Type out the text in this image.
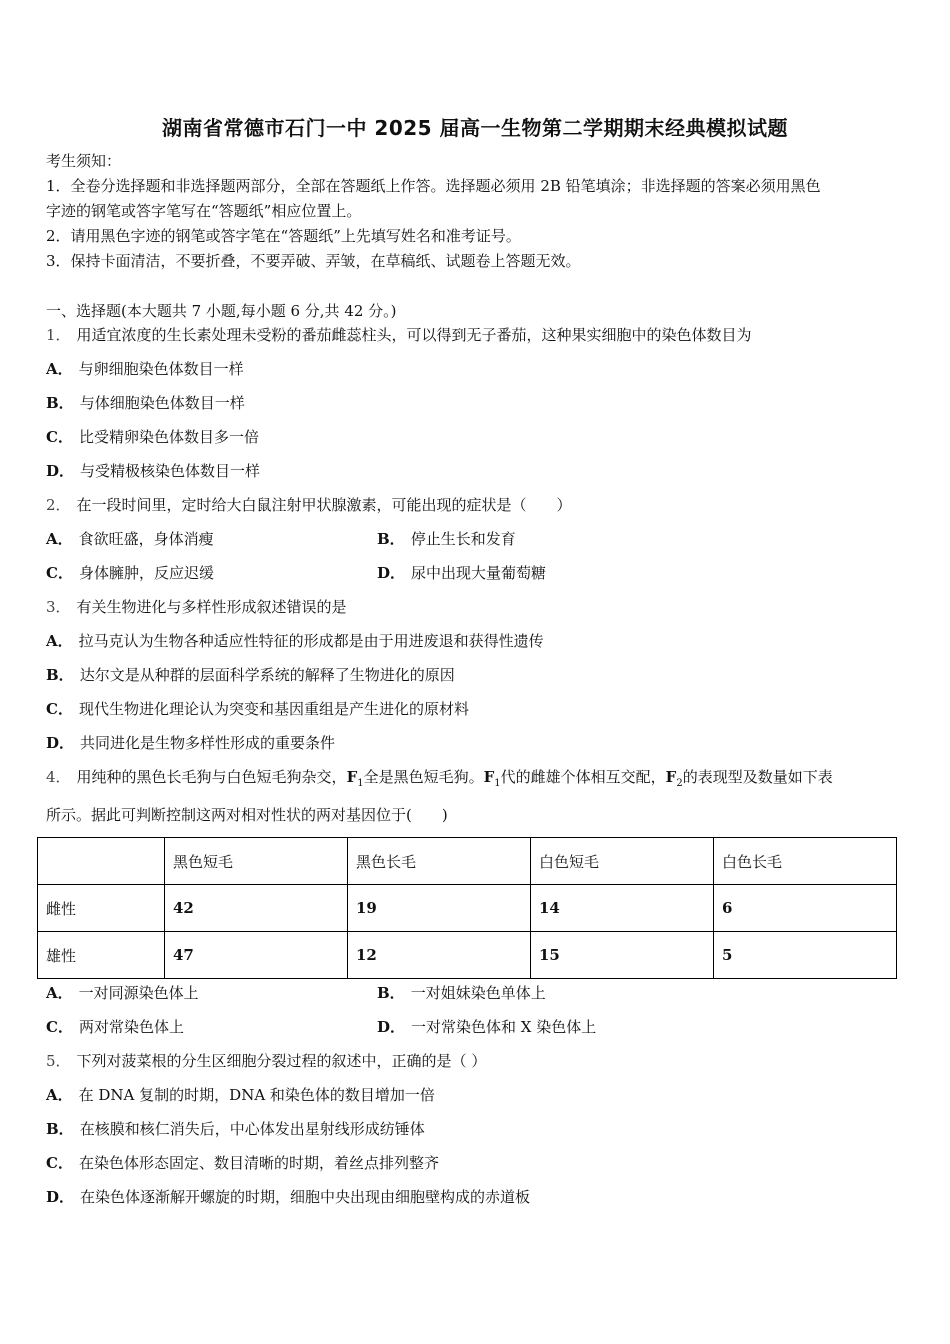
湖南省常德市石门一中 2025 届高一生物第二学期期末经典模拟试题
考生须知：
1．全卷分选择题和非选择题两部分，全部在答题纸上作答。选择题必须用 2B 铅笔填涂；非选择题的答案必须用黑色
字迹的钢笔或答字笔写在“答题纸”相应位置上。
2．请用黑色字迹的钢笔或答字笔在“答题纸”上先填写姓名和准考证号。
3．保持卡面清洁，不要折叠，不要弄破、弄皱，在草稿纸、试题卷上答题无效。
一、选择题(本大题共 7 小题,每小题 6 分,共 42 分。)
1． 用适宜浓度的生长素处理未受粉的番茄雌蕊柱头，可以得到无子番茄，这种果实细胞中的染色体数目为
A． 与卵细胞染色体数目一样
B． 与体细胞染色体数目一样
C． 比受精卵染色体数目多一倍
D． 与受精极核染色体数目一样
2． 在一段时间里，定时给大白鼠注射甲状腺激素，可能出现的症状是（　　）
A． 食欲旺盛，身体消瘦	B． 停止生长和发育
C． 身体臃肿，反应迟缓	D． 尿中出现大量葡萄糖
3． 有关生物进化与多样性形成叙述错误的是
A． 拉马克认为生物各种适应性特征的形成都是由于用进废退和获得性遗传
B． 达尔文是从种群的层面科学系统的解释了生物进化的原因
C． 现代生物进化理论认为突变和基因重组是产生进化的原材料
D． 共同进化是生物多样性形成的重要条件
4． 用纯种的黑色长毛狗与白色短毛狗杂交，$F_1$全是黑色短毛狗。$F_1$代的雌雄个体相互交配，$F_2$的表现型及数量如下表
所示。据此可判断控制这两对相对性状的两对基因位于(　　)
	黑色短毛	黑色长毛	白色短毛	白色长毛
雌性	42	19	14	6
雄性	47	12	15	5
A． 一对同源染色体上	B． 一对姐妹染色单体上
C． 两对常染色体上	D． 一对常染色体和 X 染色体上
5． 下列对菠菜根的分生区细胞分裂过程的叙述中，正确的是（ ）
A． 在 DNA 复制的时期，DNA 和染色体的数目增加一倍
B． 在核膜和核仁消失后，中心体发出星射线形成纺锤体
C． 在染色体形态固定、数目清晰的时期，着丝点排列整齐
D． 在染色体逐渐解开螺旋的时期，细胞中央出现由细胞壁构成的赤道板
